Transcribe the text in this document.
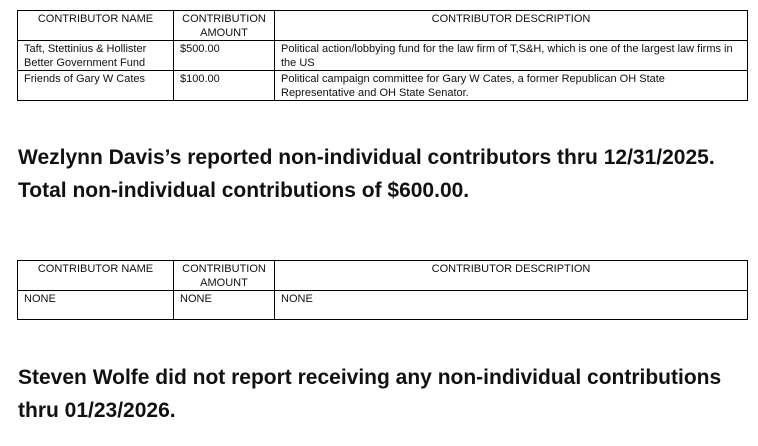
CONTRIBUTOR NAME	CONTRIBUTION AMOUNT	CONTRIBUTOR DESCRIPTION
Taft, Stettinius & Hollister Better Government Fund	$500.00	Political action/lobbying fund for the law firm of T,S&H, which is one of the largest law firms in the US
Friends of Gary W Cates	$100.00	Political campaign committee for Gary W Cates, a former Republican OH State Representative and OH State Senator.

Wezlynn Davis’s reported non-individual contributors thru 12/31/2025. Total non-individual contributions of $600.00.

CONTRIBUTOR NAME	CONTRIBUTION AMOUNT	CONTRIBUTOR DESCRIPTION
NONE	NONE	NONE

Steven Wolfe did not report receiving any non-individual contributions thru 01/23/2026.
